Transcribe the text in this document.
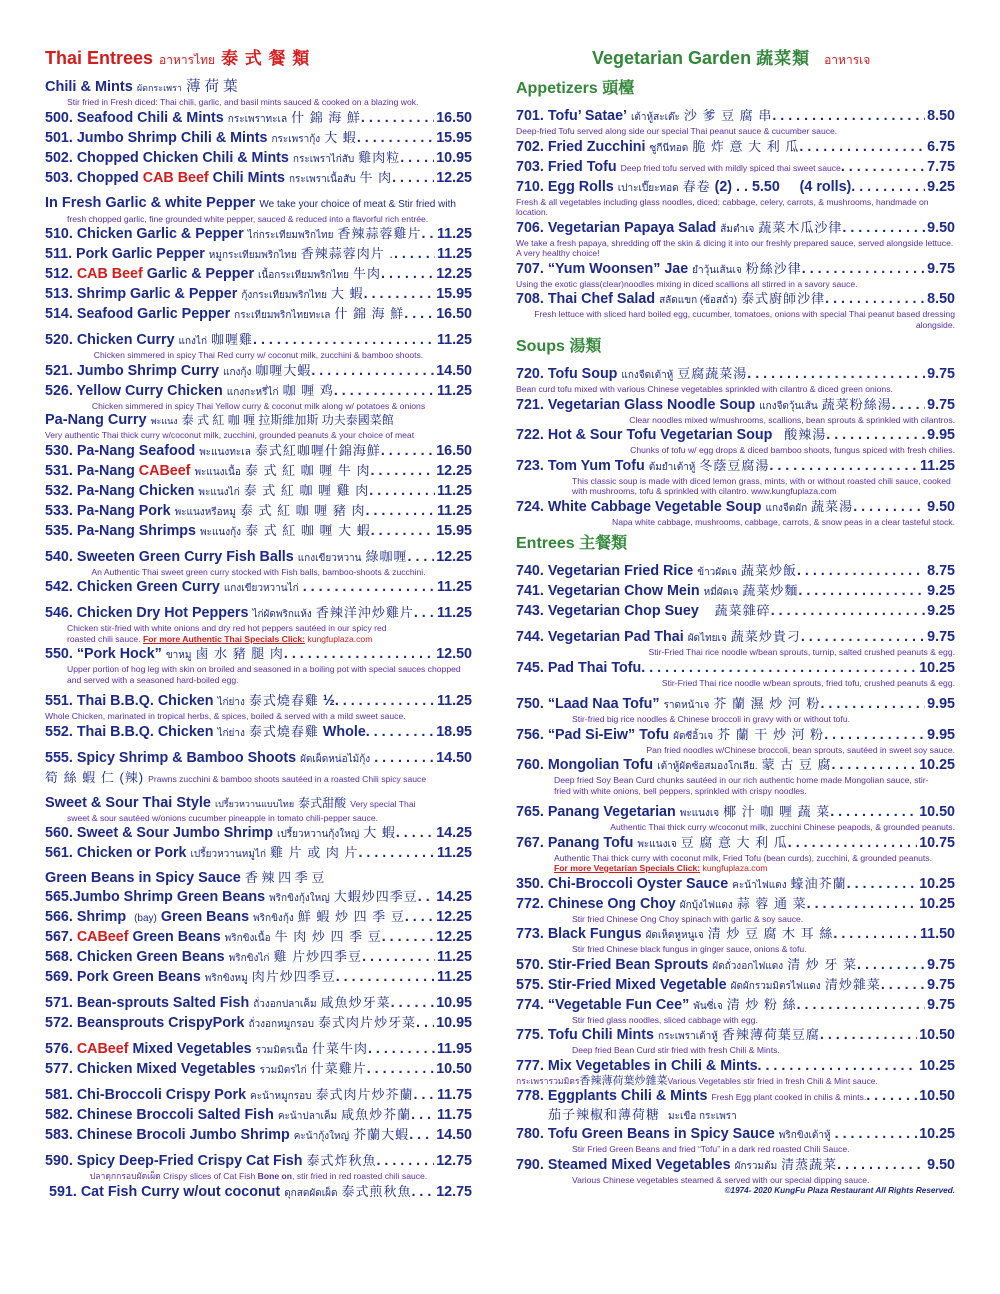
Thai Entrees อาหารไทย 泰 式 餐 類
Chili & Mints ผัดกระเพรา 薄 荷 葉
Stir fried in Fresh diced: Thai chili, garlic, and basil mints sauced & cooked on a blazing wok.
500. Seafood Chili & Mints กระเพราทะเล 什 錦 海 鮮 . . .	16.50
501. Jumbo Shrimp Chili & Mints กระเพรากุ้ง 大 蝦 . . .	15.95
502. Chopped Chicken Chili & Mints กระเพราไก่สับ 雞肉粒 . . .	10.95
503. Chopped CAB Beef Chili Mints กระเพราเนื้อสับ 牛 肉 . . .	12.25
In Fresh Garlic & white Pepper We take your choice of meat & Stir fried with
fresh chopped garlic, fine grounded white pepper, sauced & reduced into a flavorful rich entrée.
510. Chicken Garlic & Pepper ไก่กระเทียมพริกไทย 香辣蒜蓉雞片 . . . 11.25
511. Pork Garlic Pepper หมูกระเทียมพริกไทย 香辣蒜蓉肉片 . . . .	11.25
512. CAB Beef Garlic & Pepper เนื้อกระเทียมพริกไทย 牛肉 . . .	12.25
513. Shrimp Garlic & Pepper กุ้งกระเทียมพริกไทย 大 蝦 . . .	15.95
514. Seafood Garlic Pepper กระเทียมพริกไทยทะเล 什 錦 海 鮮 . . . 16.50
520. Chicken Curry แกงไก่ 咖喱雞 . . .	11.25
Chicken simmered in spicy Thai Red curry w/ coconut milk, zucchini & bamboo shoots.
521. Jumbo Shrimp Curry แกงกุ้ง 咖喱大蝦 . . .	14.50
526. Yellow Curry Chicken แกงกะหรี่ไก่ 咖 喱 鸡 . . .	11.25
Chicken simmered in spicy Thai Yellow curry & coconut milk along w/ potatoes & onions
Pa-Nang Curry พะแนง 泰 式 紅 咖 喱 拉斯維加斯 功夫泰國菜館
Very authentic Thai thick curry w/coconut milk, zucchini, grounded peanuts & your choice of meat
530. Pa-Nang Seafood พะแนงทะเล 泰式紅咖喱什錦海鮮 . . .	16.50
531. Pa-Nang CABeef พะแนงเนื้อ 泰 式 紅 咖 喱 牛 肉 . . .	12.25
532. Pa-Nang Chicken พะแนงไก่ 泰 式 紅 咖 喱 雞 肉 . . .	11.25
533. Pa-Nang Pork พะแนงหรือหมู 泰 式 紅 咖 喱 豬 肉 . . .	11.25
535. Pa-Nang Shrimps พะแนงกุ้ง 泰 式 紅 咖 喱 大 蝦 . . .	15.95
540. Sweeten Green Curry Fish Balls แกงเขียวหวาน 綠咖喱 . . . 12.25
An Authentic Thai sweet green curry stocked with Fish balls, bamboo-shoots & zucchini.
542. Chicken Green Curry แกงเขียวหวานไก่ . . .	11.25
546. Chicken Dry Hot Peppers ไก่ผัดพริกแห้ง 香辣洋沖炒雞片 . . . 11.25
Chicken stir-fried with white onions and dry red hot peppers sautéed in our spicy red
roasted chili sauce. For more Authentic Thai Specials Click: kungfuplaza.com
550. “Pork Hock” ขาหมู 鹵 水 豬 腿 肉 . . .	12.50
Upper portion of hog leg with skin on broiled and seasoned in a boiling pot with special sauces chopped and served with a seasoned hard-boiled egg.
551. Thai B.B.Q. Chicken ไก่ย่าง 泰式燒春雞 ½ . . .	11.25
Whole Chicken, marinated in tropical herbs, & spices, boiled & served with a mild sweet sauce.
552. Thai B.B.Q. Chicken ไก่ย่าง 泰式燒春雞 Whole . . .	18.95
555. Spicy Shrimp & Bamboo Shoots ผัดเผ็ดหน่อไม้กุ้ง . . .	14.50
筍 絲 蝦 仁 (辣) Prawns zucchini & bamboo shoots sautéed in a roasted Chili spicy sauce
Sweet & Sour Thai Style เปรี้ยวหวานแบบไทย 泰式甜酸 Very special Thai
sweet & sour sautéed w/onions cucumber pineapple in tomato chili-pepper sauce.
560. Sweet & Sour Jumbo Shrimp เปรี้ยวหวานกุ้งใหญ่ 大 蝦 . . .	14.25
561. Chicken or Pork เปรี้ยวหวานหมูไก่ 雞 片 或 肉 片 . . .	11.25
Green Beans in Spicy Sauce 香 辣 四 季 豆
565.Jumbo Shrimp Green Beans พริกขิงกุ้งใหญ่ 大蝦炒四季豆 . . . 14.25
566. Shrimp (bay) Green Beans พริกขิงกุ้ง 鮮 蝦 炒 四 季 豆 . . . 12.25
567. CABeef Green Beans พริกขิงเนื้อ 牛 肉 炒 四 季 豆 . . .	12.25
568. Chicken Green Beans พริกขิงไก่ 雞 片炒四季豆 . . .	11.25
569. Pork Green Beans พริกขิงหมู 肉片炒四季豆 . . .	11.25
571. Bean-sprouts Salted Fish ถั่วงอกปลาเค็ม 咸魚炒牙菜 . . .	10.95
572. Beansprouts CrispyPork ถั่วงอกหมูกรอบ 泰式肉片炒牙菜 . . . 10.95
576. CABeef Mixed Vegetables รวมมิตรเนื้อ 什菜牛肉 . . .	11.95
577. Chicken Mixed Vegetables รวมมิตรไก่ 什菜雞片 . . .	10.50
581. Chi-Broccoli Crispy Pork คะน้าหมูกรอบ 泰式肉片炒芥蘭 . . . 11.75
582. Chinese Broccoli Salted Fish คะน้าปลาเค็ม 咸魚炒芥蘭 . . . 11.75
583. Chinese Brocoli Jumbo Shrimp คะน้ากุ้งใหญ่ 芥蘭大蝦 . . . 14.50
590. Spicy Deep-Fried Crispy Cat Fish 泰式炸秋魚 . . .	12.75
ปลาดุกกรอบผัดเผ็ด Crispy slices of Cat Fish Bone on, stir fried in red roasted chili sauce.
591. Cat Fish Curry w/out coconut ดุกสดผัดเผ็ด 泰式煎秋魚 . . . 12.75
Vegetarian Garden 蔬菜類 อาหารเจ
Appetizers 頭檯
701. Tofu’ Satae’ เต้าหู้สะเต๊ะ 沙 爹 豆 腐 串 . . .	8.50
Deep-fried Tofu served along side our special Thai peanut sauce & cucumber sauce.
702. Fried Zucchini ซูกีนีทอด 脆 炸 意 大 利 瓜 . . .	6.75
703. Fried Tofu Deep fried tofu served with mildly spiced thai sweet sauce . . .	7.75
710. Egg Rolls เปาะเปี๊ยะทอด 春卷 (2) . . 5.50 (4 rolls) . . .	9.25
Fresh & all vegetables including glass noodles, diced; cabbage, celery, carrots, & mushrooms, handmade on location.
706. Vegetarian Papaya Salad ส้มตำเจ 蔬菜木瓜沙律 . . .	9.50
We take a fresh papaya, shredding off the skin & dicing it into our freshly prepared sauce, served alongside lettuce. A very healthy choice!
707. “Yum Woonsen” Jae ยำวุ้นเส้นเจ 粉絲沙律 . . .	9.75
Using the exotic glass(clear)noodles mixing in diced scallions all stirred in a savory sauce.
708. Thai Chef Salad สลัดแขก (ซ้อสถั่ว) 泰式廚師沙律 . . .	8.50
Fresh lettuce with sliced hard boiled egg, cucumber, tomatoes, onions with special Thai peanut based dressing alongside.
Soups 湯類
720. Tofu Soup แกงจืดเต้าหู้ 豆腐蔬菜湯 . . .	9.75
Bean curd tofu mixed with various Chinese vegetables sprinkled with cilantro & diced green onions.
721. Vegetarian Glass Noodle Soup แกงจืดวุ้นเส้น 蔬菜粉絲湯 . . . 9.75
Clear noodles mixed w/mushrooms, scallions, bean sprouts & sprinkled with cilantros.
722. Hot & Sour Tofu Vegetarian Soup 酸辣湯 . . .	9.95
Chunks of tofu w/ egg drops & diced bamboo shoots, fungus spiced with fresh chilies.
723. Tom Yum Tofu ต้มยำเต้าหู้ 冬蔭豆腐湯 . . .	11.25
This classic soup is made with diced lemon grass, mints, with or without roasted chili sauce, cooked with mushrooms, tofu & sprinkled with cilantro. www.kungfuplaza.com
724. White Cabbage Vegetable Soup แกงจืดผัก 蔬菜湯 . . .	9.50
Napa white cabbage, mushrooms, cabbage, carrots, & snow peas in a clear tasteful stock.
Entrees 主餐類
740. Vegetarian Fried Rice ข้าวผัดเจ 蔬菜炒飯 . . .	8.75
741. Vegetarian Chow Mein หมี่ผัดเจ 蔬菜炒麵 . . .	9.25
743. Vegetarian Chop Suey 蔬菜雜碎 . . .	9.25
744. Vegetarian Pad Thai ผัดไทยเจ 蔬菜炒貴刁 . . .	9.75
Stir-Fried Thai rice noodle w/bean sprouts, turnip, salted crushed peanuts & egg.
745. Pad Thai Tofu . . .	10.25
Stir-Fried Thai rice noodle w/bean sprouts, fried tofu, crushed peanuts & egg.
750. “Laad Naa Tofu” ราดหน้าเจ 芥 蘭 濕 炒 河 粉 . . .	9.95
Stir-fried big rice noodles & Chinese broccoli in gravy with or without tofu.
756. “Pad Si-Eiw” Tofu ผัดซีอิ้วเจ 芥 蘭 干 炒 河 粉 . . .	9.95
Pan fried noodles w/Chinese broccoli, bean sprouts, sautéed in sweet soy sauce.
760. Mongolian Tofu เต้าหู้ผัดซ้อสมองโกเลีย. 蒙 古 豆 腐 . . .	10.25
Deep fried Soy Bean Curd chunks sautéed in our rich authentic home made Mongolian sauce, stir-fried with white onions, bell peppers, sprinkled with crispy noodles.
765. Panang Vegetarian พะแนงเจ 椰 汁 咖 喱 蔬 菜 . . .	10.50
Authentic Thai thick curry w/coconut milk, zucchini Chinese peapods, & grounded peanuts.
767. Panang Tofu พะแนงเจ 豆 腐 意 大 利 瓜 . . .	10.75
Authentic Thai thick curry with coconut milk, Fried Tofu (bean curds), zucchini, & grounded peanuts.     For more Vegetarian Specials Click: kungfuplaza.com
350. Chi-Broccoli Oyster Sauce คะน้าไฟแดง 蠔油芥蘭 . . .	10.25
772. Chinese Ong Choy ผักบุ้งไฟแดง 蒜 蓉 通 菜 . . .	10.25
Stir fried Chinese Ong Choy spinach with garlic & soy sauce.
773. Black Fungus ผัดเห็ดหูหนูเจ 清 炒 豆 腐 木 耳 絲 . . .	11.50
Stir fried Chinese black fungus in ginger sauce, onions & tofu.
570. Stir-Fried Bean Sprouts ผัดถั่วงอกไฟแดง 清 炒 牙 菜 . . .	9.75
575. Stir-Fried Mixed Vegetable ผัดผักรวมมิตรไฟแดง 清炒雜菜 . . .	9.75
774. “Vegetable Fun Cee” พันซี่เจ 清 炒 粉 絲 . . .	9.75
Stir fried glass noodles, sliced cabbage with egg.
775. Tofu Chili Mints กระเพราเต้าหู้ 香辣薄荷葉豆腐 . . .	10.50
Deep fried Bean Curd stir fried with fresh Chili & Mints.
777. Mix Vegetables in Chili & Mints . . .	10.25
กระเพรารวมมิตร香辣薄荷葉炒雜菜Various Vegetables stir fried in fresh Chili & Mint sauce.
778. Eggplants Chili & Mints Fresh Egg plant cooked in chilis & mints. . . .	10.50
茄子辣椒和薄荷糖 มะเขือ กระเพรา
780. Tofu Green Beans in Spicy Sauce พริกขิงเต้าหู้ . . .	10.25
Stir Fried Green Beans and fried “Tofu” in a dark red roasted Chili Sauce.
790. Steamed Mixed Vegetables ผักรวมต้ม 清蒸蔬菜 . . .	9.50
Various Chinese vegetables steamed & served with our special dipping sauce.
©1974- 2020 KungFu Plaza Restaurant All Rights Reserved.
